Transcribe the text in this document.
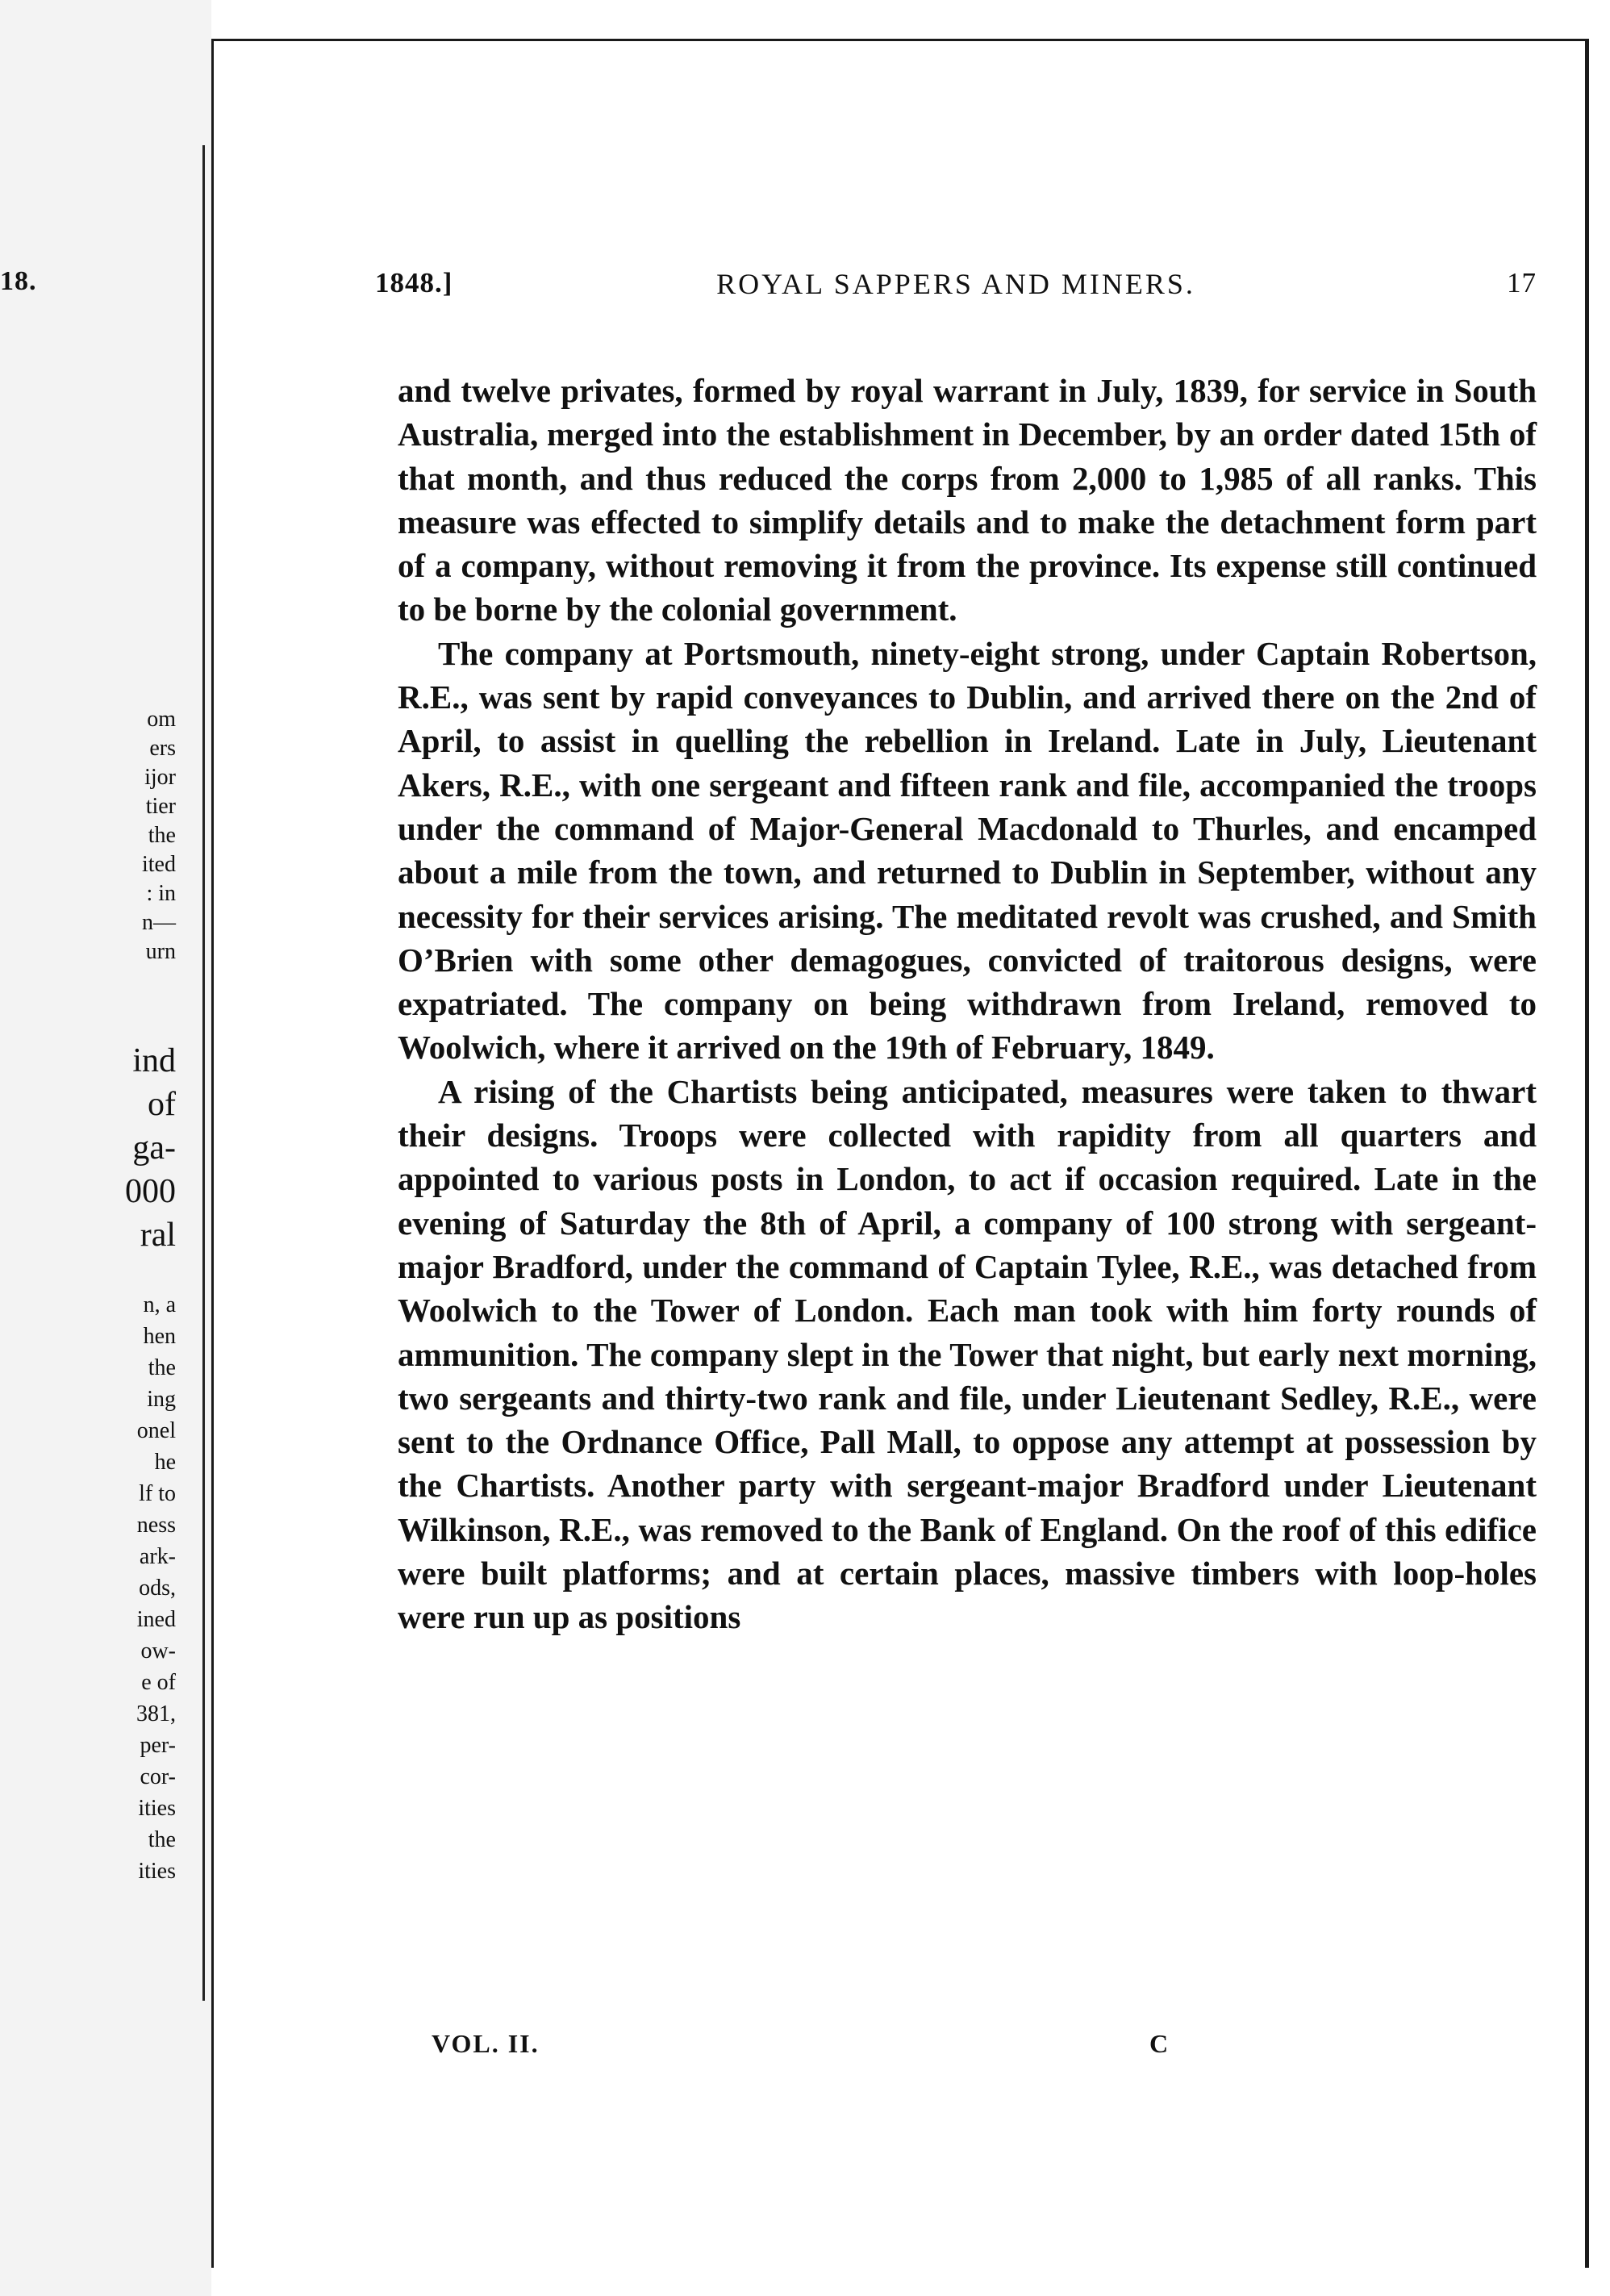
18.
om
ers
ijor
tier
the
ited
: in
n—
urn
ind
of
ga-
000
ral
n, a
hen
the
ing
onel
he
lf to
ness
ark-
ods,
ined
ow-
e of
381,
per-
cor-
ities
the
ities
1848.]	ROYAL SAPPERS AND MINERS.	17

and twelve privates, formed by royal warrant in July, 1839, for service in South Australia, merged into the establishment in December, by an order dated 15th of that month, and thus reduced the corps from 2,000 to 1,985 of all ranks. This measure was effected to simplify details and to make the detachment form part of a company, without removing it from the province. Its expense still continued to be borne by the colonial government.

The company at Portsmouth, ninety-eight strong, under Captain Robertson, R.E., was sent by rapid conveyances to Dublin, and arrived there on the 2nd of April, to assist in quelling the rebellion in Ireland. Late in July, Lieutenant Akers, R.E., with one sergeant and fifteen rank and file, accompanied the troops under the command of Major-General Macdonald to Thurles, and encamped about a mile from the town, and returned to Dublin in September, without any necessity for their services arising. The meditated revolt was crushed, and Smith O’Brien with some other demagogues, convicted of traitorous designs, were expatriated. The company on being withdrawn from Ireland, removed to Woolwich, where it arrived on the 19th of February, 1849.

A rising of the Chartists being anticipated, measures were taken to thwart their designs. Troops were collected with rapidity from all quarters and appointed to various posts in London, to act if occasion required. Late in the evening of Saturday the 8th of April, a company of 100 strong with sergeant-major Bradford, under the command of Captain Tylee, R.E., was detached from Woolwich to the Tower of London. Each man took with him forty rounds of ammunition. The company slept in the Tower that night, but early next morning, two sergeants and thirty-two rank and file, under Lieutenant Sedley, R.E., were sent to the Ordnance Office, Pall Mall, to oppose any attempt at possession by the Chartists. Another party with sergeant-major Bradford under Lieutenant Wilkinson, R.E., was removed to the Bank of England. On the roof of this edifice were built platforms; and at certain places, massive timbers with loop-holes were run up as positions

VOL. II.	C
